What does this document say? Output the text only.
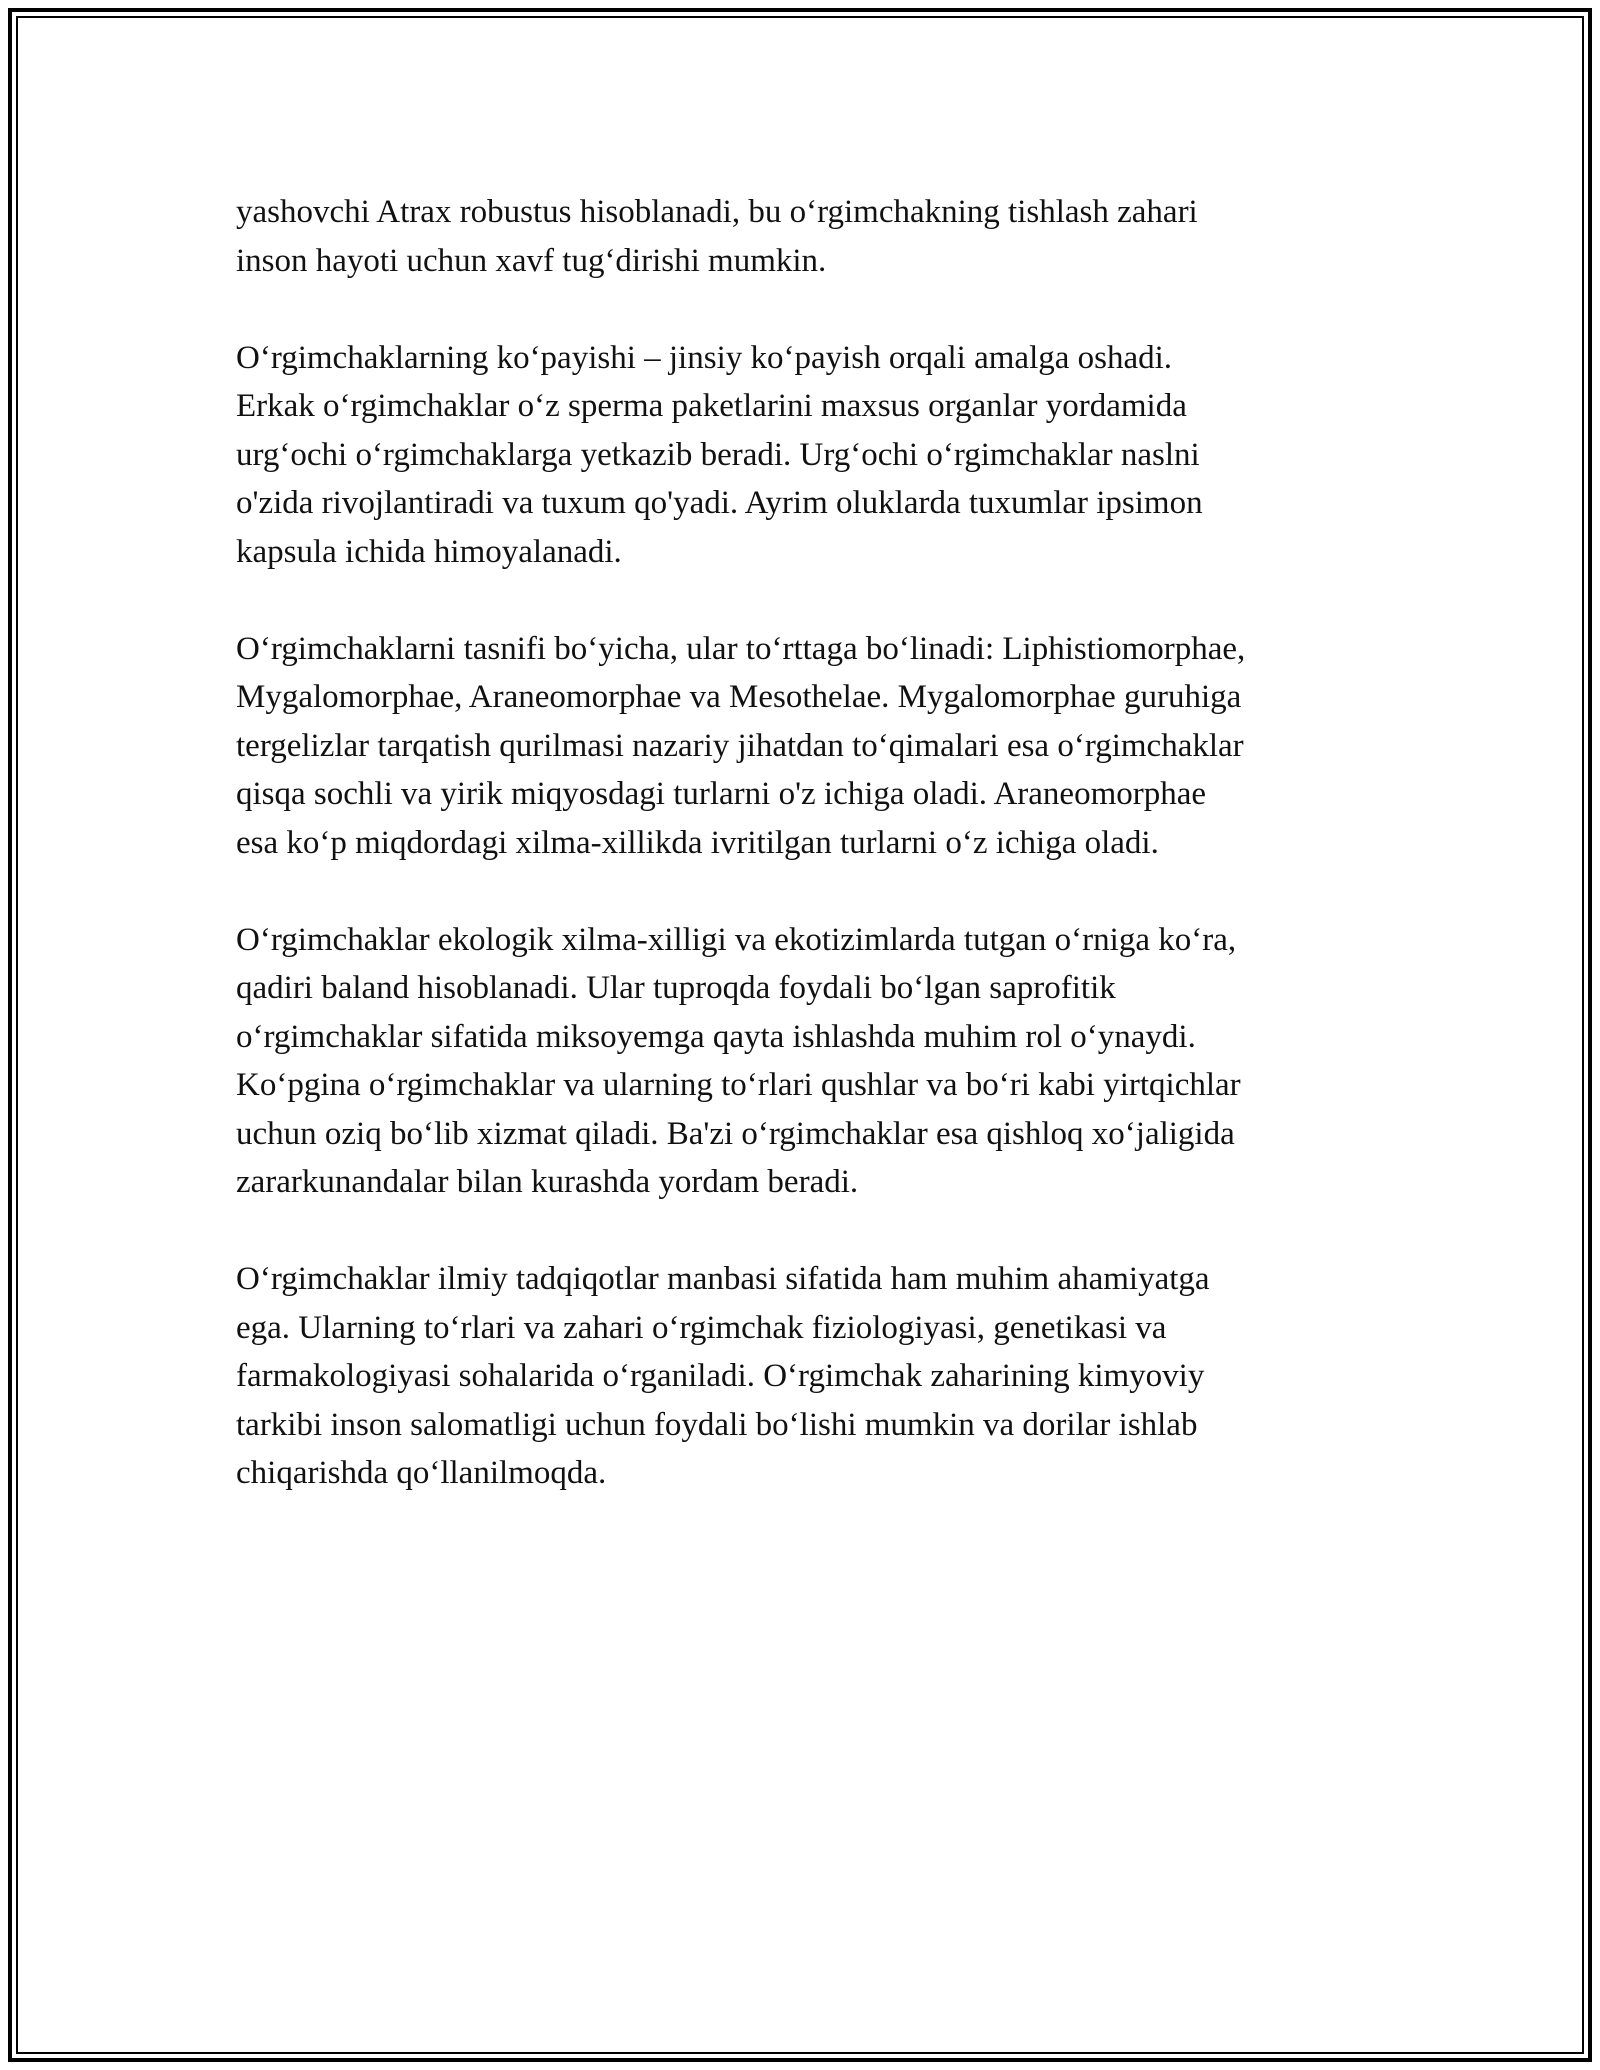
yashovchi Atrax robustus hisoblanadi, bu o‘rgimchakning tishlash zahari
inson hayoti uchun xavf tug‘dirishi mumkin.

O‘rgimchaklarning ko‘payishi – jinsiy ko‘payish orqali amalga oshadi.
Erkak o‘rgimchaklar o‘z sperma paketlarini maxsus organlar yordamida
urg‘ochi o‘rgimchaklarga yetkazib beradi. Urg‘ochi o‘rgimchaklar naslni
o'zida rivojlantiradi va tuxum qo'yadi. Ayrim oluklarda tuxumlar ipsimon
kapsula ichida himoyalanadi.

O‘rgimchaklarni tasnifi bo‘yicha, ular to‘rttaga bo‘linadi: Liphistiomorphae,
Mygalomorphae, Araneomorphae va Mesothelae. Mygalomorphae guruhiga
tergelizlar tarqatish qurilmasi nazariy jihatdan to‘qimalari esa o‘rgimchaklar
qisqa sochli va yirik miqyosdagi turlarni o'z ichiga oladi. Araneomorphae
esa ko‘p miqdordagi xilma-xillikda ivritilgan turlarni o‘z ichiga oladi.

O‘rgimchaklar ekologik xilma-xilligi va ekotizimlarda tutgan o‘rniga ko‘ra,
qadiri baland hisoblanadi. Ular tuproqda foydali bo‘lgan saprofitik
o‘rgimchaklar sifatida miksoyemga qayta ishlashda muhim rol o‘ynaydi.
Ko‘pgina o‘rgimchaklar va ularning to‘rlari qushlar va bo‘ri kabi yirtqichlar
uchun oziq bo‘lib xizmat qiladi. Ba'zi o‘rgimchaklar esa qishloq xo‘jaligida
zararkunandalar bilan kurashda yordam beradi.

O‘rgimchaklar ilmiy tadqiqotlar manbasi sifatida ham muhim ahamiyatga
ega. Ularning to‘rlari va zahari o‘rgimchak fiziologiyasi, genetikasi va
farmakologiyasi sohalarida o‘rganiladi. O‘rgimchak zaharining kimyoviy
tarkibi inson salomatligi uchun foydali bo‘lishi mumkin va dorilar ishlab
chiqarishda qo‘llanilmoqda.
